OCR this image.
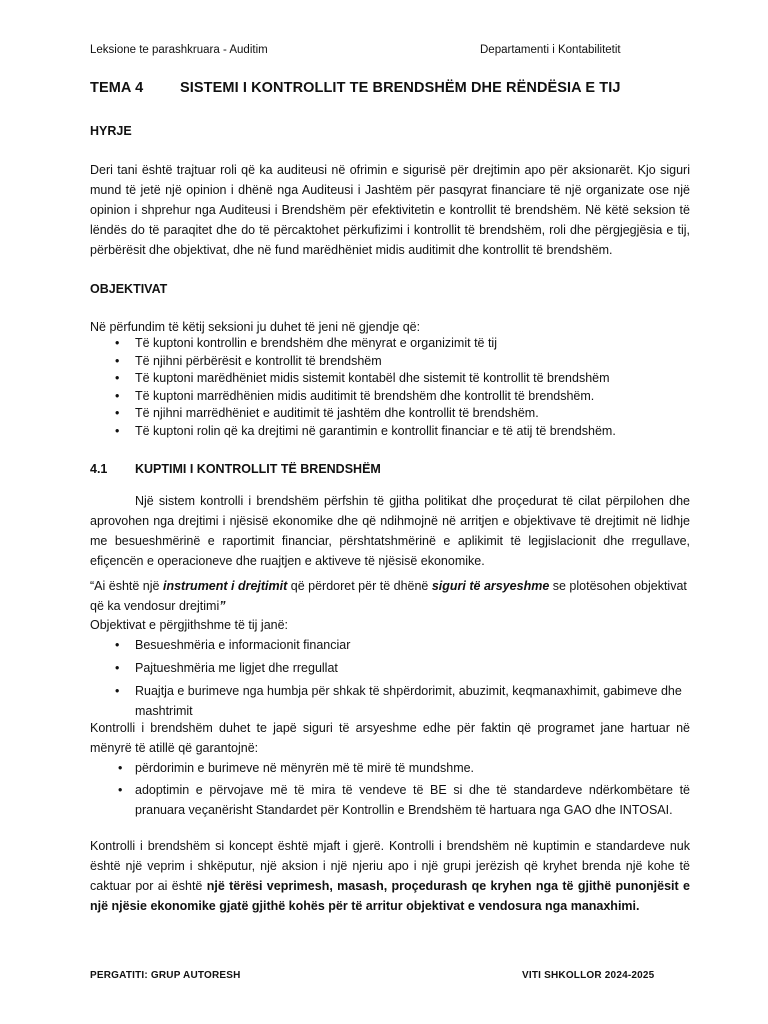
Leksione te parashkruara - Auditim	Departamenti i Kontabilitetit
TEMA 4	SISTEMI I KONTROLLIT TE BRENDSHËM DHE RËNDËSIA E TIJ
HYRJE
Deri tani është trajtuar roli që ka auditeusi në ofrimin e sigurisë për drejtimin apo për aksionarët. Kjo siguri mund të jetë një opinion i dhënë nga Auditeusi i Jashtëm për pasqyrat financiare të një organizate ose një opinion i shprehur nga Auditeusi i Brendshëm për efektivitetin e kontrollit të brendshëm. Në këtë seksion të lëndës do të paraqitet dhe do të përcaktohet përkufizimi i kontrollit të brendshëm, roli dhe përgjegjësia e tij, përbërësit dhe objektivat, dhe në fund marëdhëniet midis auditimit dhe kontrollit të brendshëm.
OBJEKTIVAT
Në përfundim të këtij seksioni ju duhet të jeni në gjendje që:
• Të kuptoni kontrollin e brendshëm dhe mënyrat e organizimit të tij
• Të njihni përbërësit e kontrollit të brendshëm
• Të kuptoni marëdhëniet midis sistemit kontabël dhe sistemit të kontrollit të brendshëm
• Të kuptoni marrëdhënien midis auditimit të brendshëm dhe kontrollit të brendshëm.
• Të njihni marrëdhëniet e auditimit të jashtëm dhe kontrollit të brendshëm.
• Të kuptoni rolin që ka drejtimi në garantimin e kontrollit financiar e të atij të brendshëm.
4.1 KUPTIMI I KONTROLLIT TË BRENDSHËM
Një sistem kontrolli i brendshëm përfshin të gjitha politikat dhe proçedurat të cilat përpilohen dhe aprovohen nga drejtimi i njësisë ekonomike dhe që ndihmojnë në arritjen e objektivave të drejtimit në lidhje me besueshmërinë e raportimit financiar, përshtatshmërinë e aplikimit të legjislacionit dhe rregullave, efiçencën e operacioneve dhe ruajtjen e aktiveve të njësisë ekonomike.
“Ai është një instrument i drejtimit që përdoret për të dhënë siguri të arsyeshme se plotësohen objektivat që ka vendosur drejtimi”
Objektivat e përgjithshme të tij janë:
• Besueshmëria e informacionit financiar
• Pajtueshmëria me ligjet dhe rregullat
• Ruajtja e burimeve nga humbja për shkak të shpërdorimit, abuzimit, keqmanaxhimit, gabimeve dhe mashtrimit
Kontrolli i brendshëm duhet te japë siguri të arsyeshme edhe për faktin që programet jane hartuar në mënyrë të atillë që garantojnë:
• përdorimin e burimeve në mënyrën më të mirë të mundshme.
• adoptimin e përvojave më të mira të vendeve të BE si dhe të standardeve ndërkombëtare të pranuara veçanërisht Standardet për Kontrollin e Brendshëm të hartuara nga GAO dhe INTOSAI.
Kontrolli i brendshëm si koncept është mjaft i gjerë. Kontrolli i brendshëm në kuptimin e standardeve nuk është një veprim i shkëputur, një aksion i një njeriu apo i një grupi jerëzish që kryhet brenda një kohe të caktuar por ai është një tërësi veprimesh, masash, proçedurash qe kryhen nga të gjithë punonjësit e një njësie ekonomike gjatë gjithë kohës për të arritur objektivat e vendosura nga manaxhimi.
PERGATITI: GRUP AUTORESH	VITI SHKOLLOR 2024-2025
